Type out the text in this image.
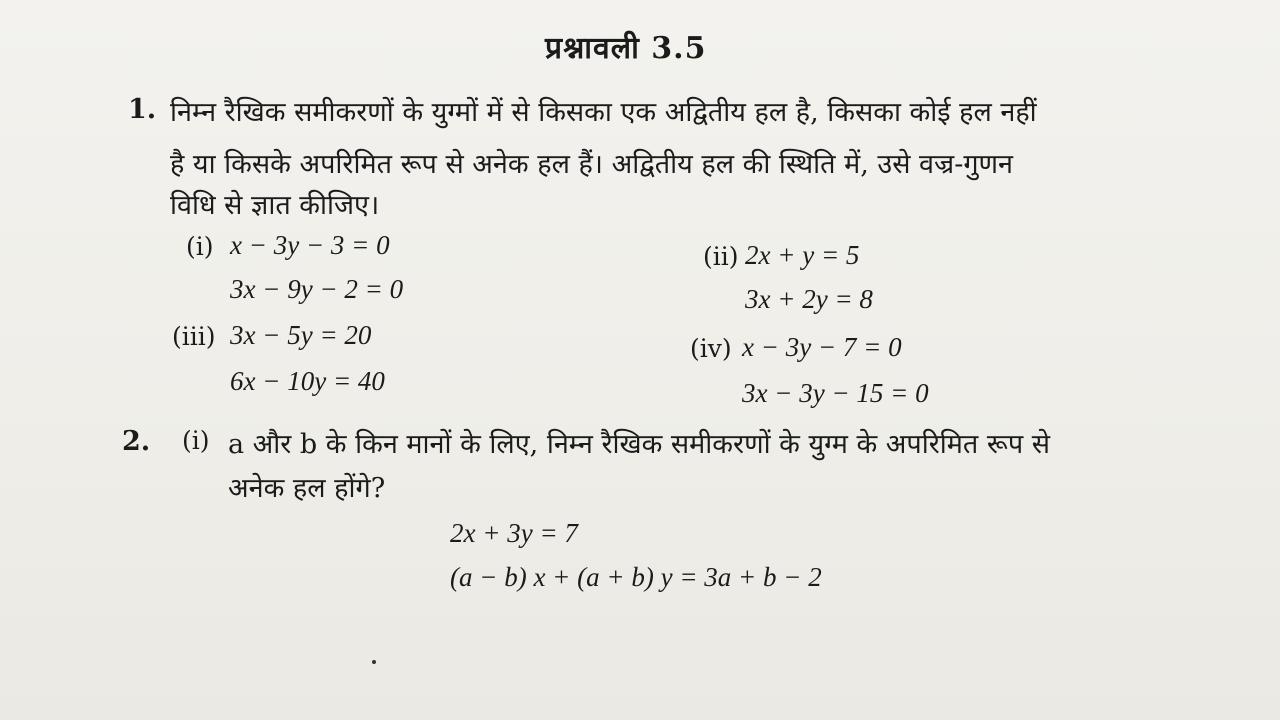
प्रश्नावली 3.5
1. निम्न रैखिक समीकरणों के युग्मों में से किसका एक अद्वितीय हल है, किसका कोई हल नहीं
है या किसके अपरिमित रूप से अनेक हल हैं। अद्वितीय हल की स्थिति में, उसे वज्र-गुणन
विधि से ज्ञात कीजिए।
(i) x − 3y − 3 = 0
3x − 9y − 2 = 0
(ii) 2x + y = 5
3x + 2y = 8
(iii) 3x − 5y = 20
6x − 10y = 40
(iv) x − 3y − 7 = 0
3x − 3y − 15 = 0
2. (i) a और b के किन मानों के लिए, निम्न रैखिक समीकरणों के युग्म के अपरिमित रूप से
अनेक हल होंगे?
2x + 3y = 7
(a − b) x + (a + b) y = 3a + b − 2
